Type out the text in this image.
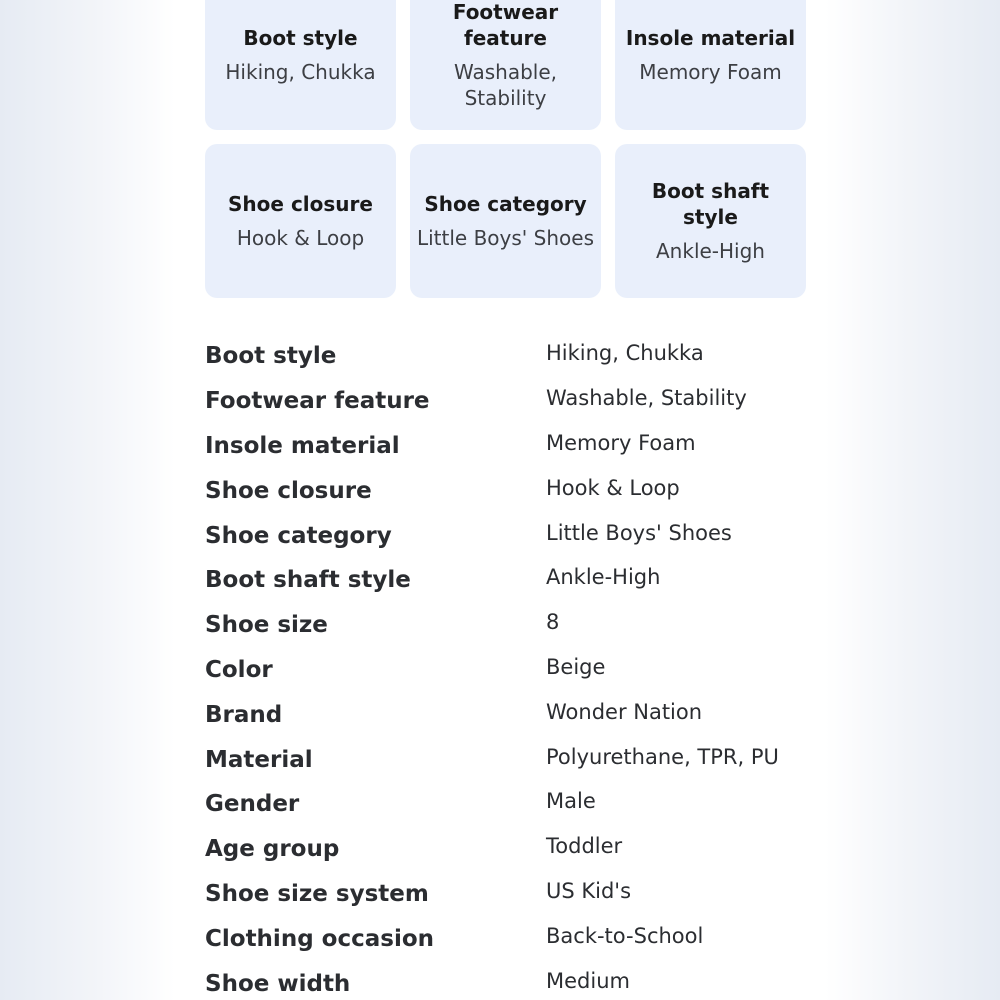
Boot style
Hiking, Chukka
Footwear feature
Washable, Stability
Insole material
Memory Foam
Shoe closure
Hook & Loop
Shoe category
Little Boys' Shoes
Boot shaft style
Ankle-High
Boot style	Hiking, Chukka
Footwear feature	Washable, Stability
Insole material	Memory Foam
Shoe closure	Hook & Loop
Shoe category	Little Boys' Shoes
Boot shaft style	Ankle-High
Shoe size	8
Color	Beige
Brand	Wonder Nation
Material	Polyurethane, TPR, PU
Gender	Male
Age group	Toddler
Shoe size system	US Kid's
Clothing occasion	Back-to-School
Shoe width	Medium
